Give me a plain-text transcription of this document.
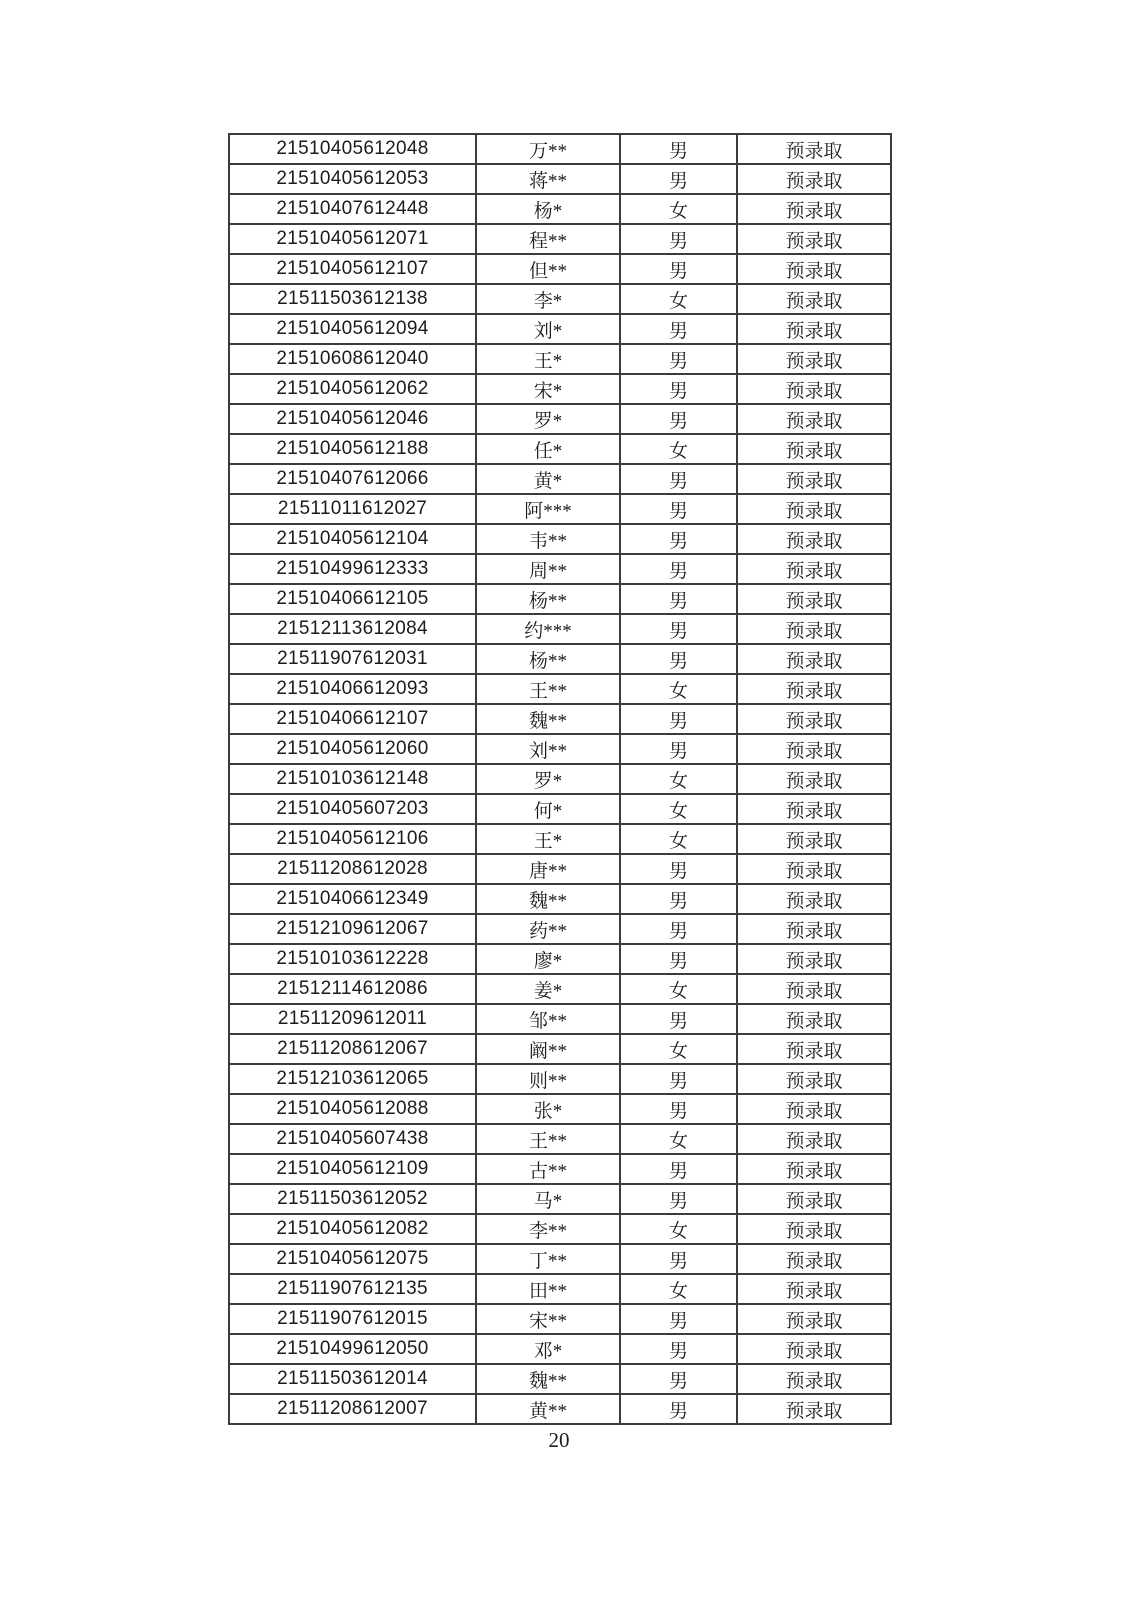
21510405612048	万**	男	预录取
21510405612053	蒋**	男	预录取
21510407612448	杨*	女	预录取
21510405612071	程**	男	预录取
21510405612107	但**	男	预录取
21511503612138	李*	女	预录取
21510405612094	刘*	男	预录取
21510608612040	王*	男	预录取
21510405612062	宋*	男	预录取
21510405612046	罗*	男	预录取
21510405612188	任*	女	预录取
21510407612066	黄*	男	预录取
21511011612027	阿***	男	预录取
21510405612104	韦**	男	预录取
21510499612333	周**	男	预录取
21510406612105	杨**	男	预录取
21512113612084	约***	男	预录取
21511907612031	杨**	男	预录取
21510406612093	王**	女	预录取
21510406612107	魏**	男	预录取
21510405612060	刘**	男	预录取
21510103612148	罗*	女	预录取
21510405607203	何*	女	预录取
21510405612106	王*	女	预录取
21511208612028	唐**	男	预录取
21510406612349	魏**	男	预录取
21512109612067	药**	男	预录取
21510103612228	廖*	男	预录取
21512114612086	姜*	女	预录取
21511209612011	邹**	男	预录取
21511208612067	阚**	女	预录取
21512103612065	则**	男	预录取
21510405612088	张*	男	预录取
21510405607438	王**	女	预录取
21510405612109	古**	男	预录取
21511503612052	马*	男	预录取
21510405612082	李**	女	预录取
21510405612075	丁**	男	预录取
21511907612135	田**	女	预录取
21511907612015	宋**	男	预录取
21510499612050	邓*	男	预录取
21511503612014	魏**	男	预录取
21511208612007	黄**	男	预录取
20
